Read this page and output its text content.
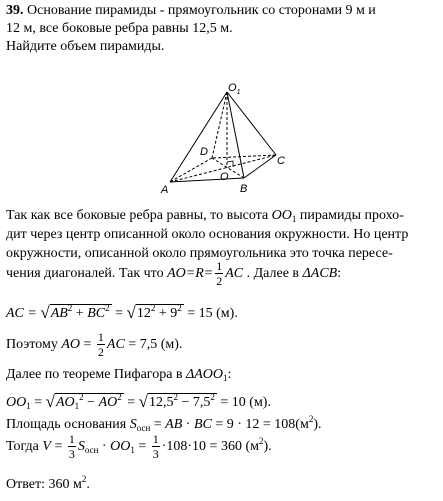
39. Основание пирамиды - прямоугольник со сторонами 9 м и
12 м, все боковые ребра равны 12,5 м.
Найдите объем пирамиды.
$O_1$
D
C
A	B
O
Так как все боковые ребра равны, то высота $OO_1$ пирамиды прохо-
дит через центр описанной около основания окружности. Но центр
окружности, описанной около прямоугольника это точка пересе-
чения диагоналей. Так что $AO=R= \frac{1}{2}$ AC . Далее в ΔACB:
AC = $√AB^2 + BC^2 = √12^2 + 9^2 = 15$ (м).
Поэтому AO = $\frac{1}{2}$ AC = 7,5 (м).
Далее по теореме Пифагора в $\Delta AOO_1$:
$OO_1 = √AO_1^2 - AO^2 = √12,5^2 - 7,5^2 = 10$ (м).
Площадь основания $S_{осн}$ = AB · BC = $9 \cdot 12 = 108(м^2)$.
Тогда $V = \frac{1}{3} S_{осн} \cdot OO_1 = \frac{1}{3} \cdot 108\cdot 10 = 360$ $(м^2)$.
Ответ: 360 $м^2$.
